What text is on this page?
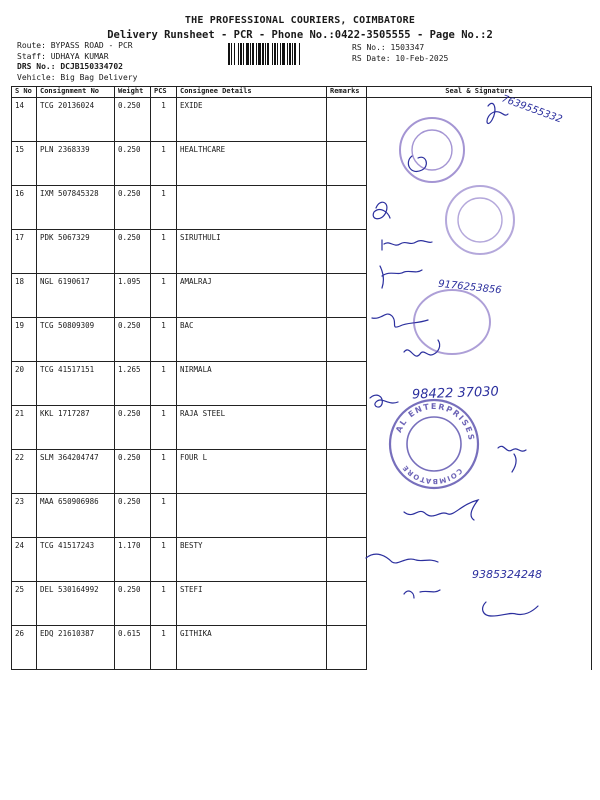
THE PROFESSIONAL COURIERS, COIMBATORE
Delivery Runsheet - PCR - Phone No.:0422-3505555 - Page No.:2
Route: BYPASS ROAD - PCR
Staff: UDHAYA KUMAR
DRS No.: DCJB150334702
Vehicle: Big Bag Delivery
RS No.: 1503347
RS Date: 10-Feb-2025
S No	Consignment No	Weight	PCS	Consignee Details	Remarks	Seal & Signature
14	TCG 20136024	0.250	1	EXIDE		
15	PLN 2368339	0.250	1	HEALTHCARE		
16	IXM 507845328	0.250	1			
17	PDK 5067329	0.250	1	SIRUTHULI		
18	NGL 6190617	1.095	1	AMALRAJ		
19	TCG 50809309	0.250	1	BAC		
20	TCG 41517151	1.265	1	NIRMALA		
21	KKL 1717287	0.250	1	RAJA STEEL		
22	SLM 364204747	0.250	1	FOUR L		
23	MAA 650906986	0.250	1			
24	TCG 41517243	1.170	1	BESTY		
25	DEL 530164992	0.250	1	STEFI		
26	EDQ 21610387	0.615	1	GITHIKA		
7639555332
9176253856
98422 37030
9385324248
AL ENTERPRISES
COIMBATORE
